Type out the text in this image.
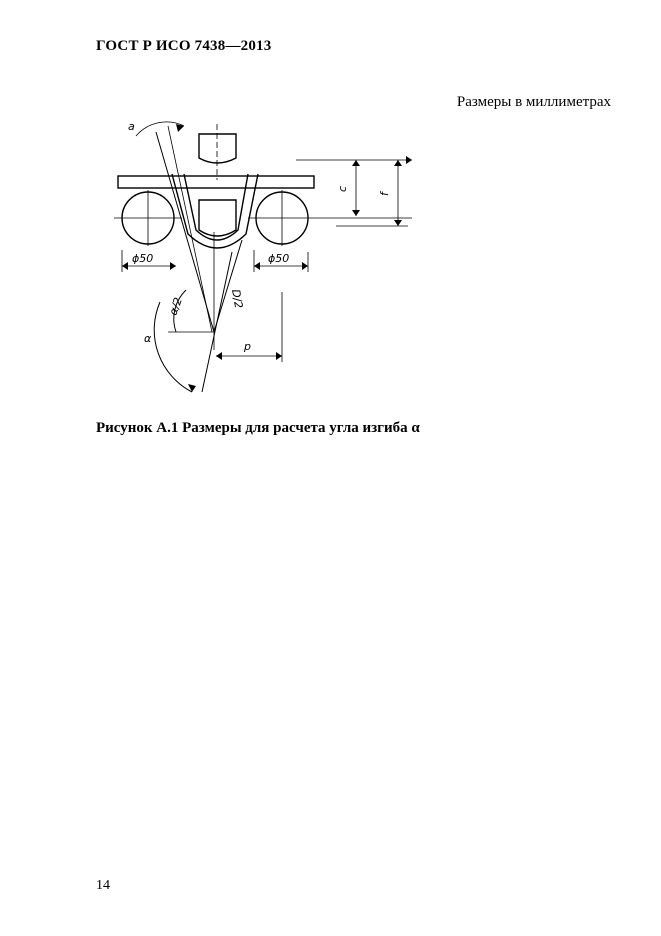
ГОСТ Р ИСО 7438—2013
Размеры в миллиметрах
a
c
f
ϕ50	ϕ50
D/2
α/2
α
p
Рисунок А.1 Размеры для расчета угла изгиба α
14
